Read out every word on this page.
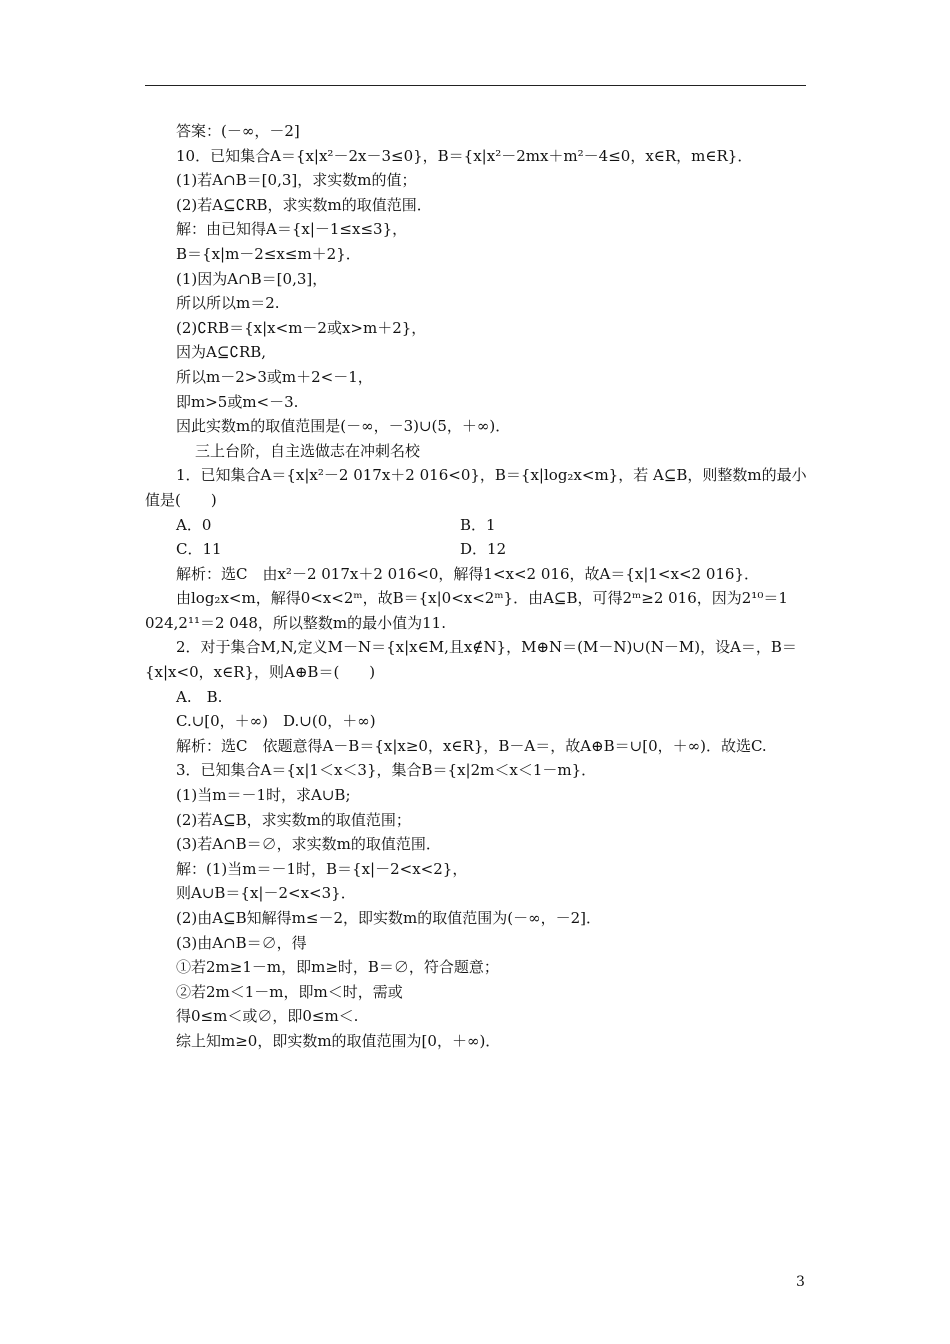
答案：(－∞，－2]
10．已知集合A＝{x|x²－2x－3≤0}，B＝{x|x²－2mx＋m²－4≤0，x∈R，m∈R}．
(1)若A∩B＝[0,3]，求实数m的值；
(2)若A⊆∁RB，求实数m的取值范围．
解：由已知得A＝{x|－1≤x≤3}，
B＝{x|m－2≤x≤m＋2}．
(1)因为A∩B＝[0,3]，
所以所以m＝2.
(2)∁RB＝{x|x<m－2或x>m＋2}，
因为A⊆∁RB,
所以m－2>3或m＋2<－1，
即m>5或m<－3.
因此实数m的取值范围是(－∞，－3)∪(5，＋∞)．
三上台阶，自主选做志在冲刺名校
1．已知集合A＝{x|x²－2 017x＋2 016<0}，B＝{x|log₂x<m}，若 A⊆B，则整数m的最小
值是(　　)
A．0	B．1
C．11	D．12
解析：选C　由x²－2 017x＋2 016<0，解得1<x<2 016，故A＝{x|1<x<2 016}．
由log₂x<m，解得0<x<2ᵐ，故B＝{x|0<x<2ᵐ}．由A⊆B，可得2ᵐ≥2 016，因为2¹⁰＝1
024,2¹¹＝2 048，所以整数m的最小值为11.
2．对于集合M,N,定义M－N＝{x|x∈M,且x∉N}，M⊕N＝(M－N)∪(N－M)，设A＝，B＝
{x|x<0，x∈R}，则A⊕B＝(　　)
A.　B.
C.∪[0，＋∞)　D.∪(0，＋∞)
解析：选C　依题意得A－B＝{x|x≥0，x∈R}，B－A＝，故A⊕B＝∪[0，＋∞)．故选C.
3．已知集合A＝{x|1＜x＜3}，集合B＝{x|2m＜x＜1－m}．
(1)当m＝－1时，求A∪B;
(2)若A⊆B，求实数m的取值范围；
(3)若A∩B＝∅，求实数m的取值范围．
解：(1)当m＝－1时，B＝{x|－2<x<2}，
则A∪B＝{x|－2<x<3}．
(2)由A⊆B知解得m≤－2，即实数m的取值范围为(－∞，－2]．
(3)由A∩B＝∅，得
①若2m≥1－m，即m≥时，B＝∅，符合题意；
②若2m＜1－m，即m＜时，需或
得0≤m＜或∅，即0≤m＜.
综上知m≥0，即实数m的取值范围为[0，＋∞)．
3
